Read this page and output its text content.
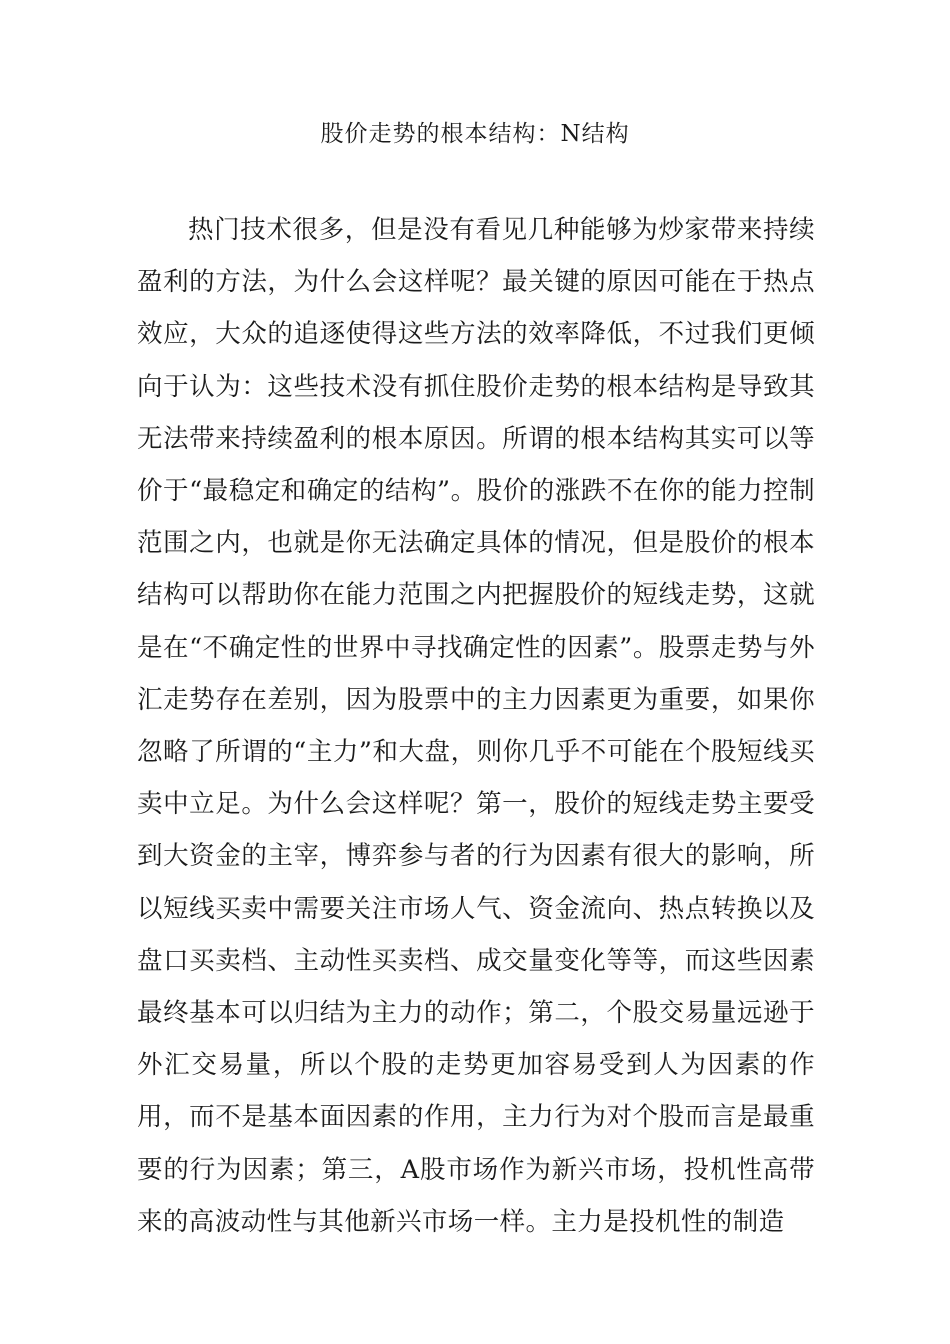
股价走势的根本结构：N结构

热门技术很多，但是没有看见几种能够为炒家带来持续盈利的方法，为什么会这样呢？最关键的原因可能在于热点效应，大众的追逐使得这些方法的效率降低，不过我们更倾向于认为：这些技术没有抓住股价走势的根本结构是导致其无法带来持续盈利的根本原因。所谓的根本结构其实可以等价于“最稳定和确定的结构”。股价的涨跌不在你的能力控制范围之内，也就是你无法确定具体的情况，但是股价的根本结构可以帮助你在能力范围之内把握股价的短线走势，这就是在“不确定性的世界中寻找确定性的因素”。股票走势与外汇走势存在差别，因为股票中的主力因素更为重要，如果你忽略了所谓的“主力”和大盘，则你几乎不可能在个股短线买卖中立足。为什么会这样呢？第一，股价的短线走势主要受到大资金的主宰，博弈参与者的行为因素有很大的影响，所以短线买卖中需要关注市场人气、资金流向、热点转换以及盘口买卖档、主动性买卖档、成交量变化等等，而这些因素最终基本可以归结为主力的动作；第二，个股交易量远逊于外汇交易量，所以个股的走势更加容易受到人为因素的作用，而不是基本面因素的作用，主力行为对个股而言是最重要的行为因素；第三，A股市场作为新兴市场，投机性高带来的高波动性与其他新兴市场一样。主力是投机性的制造
